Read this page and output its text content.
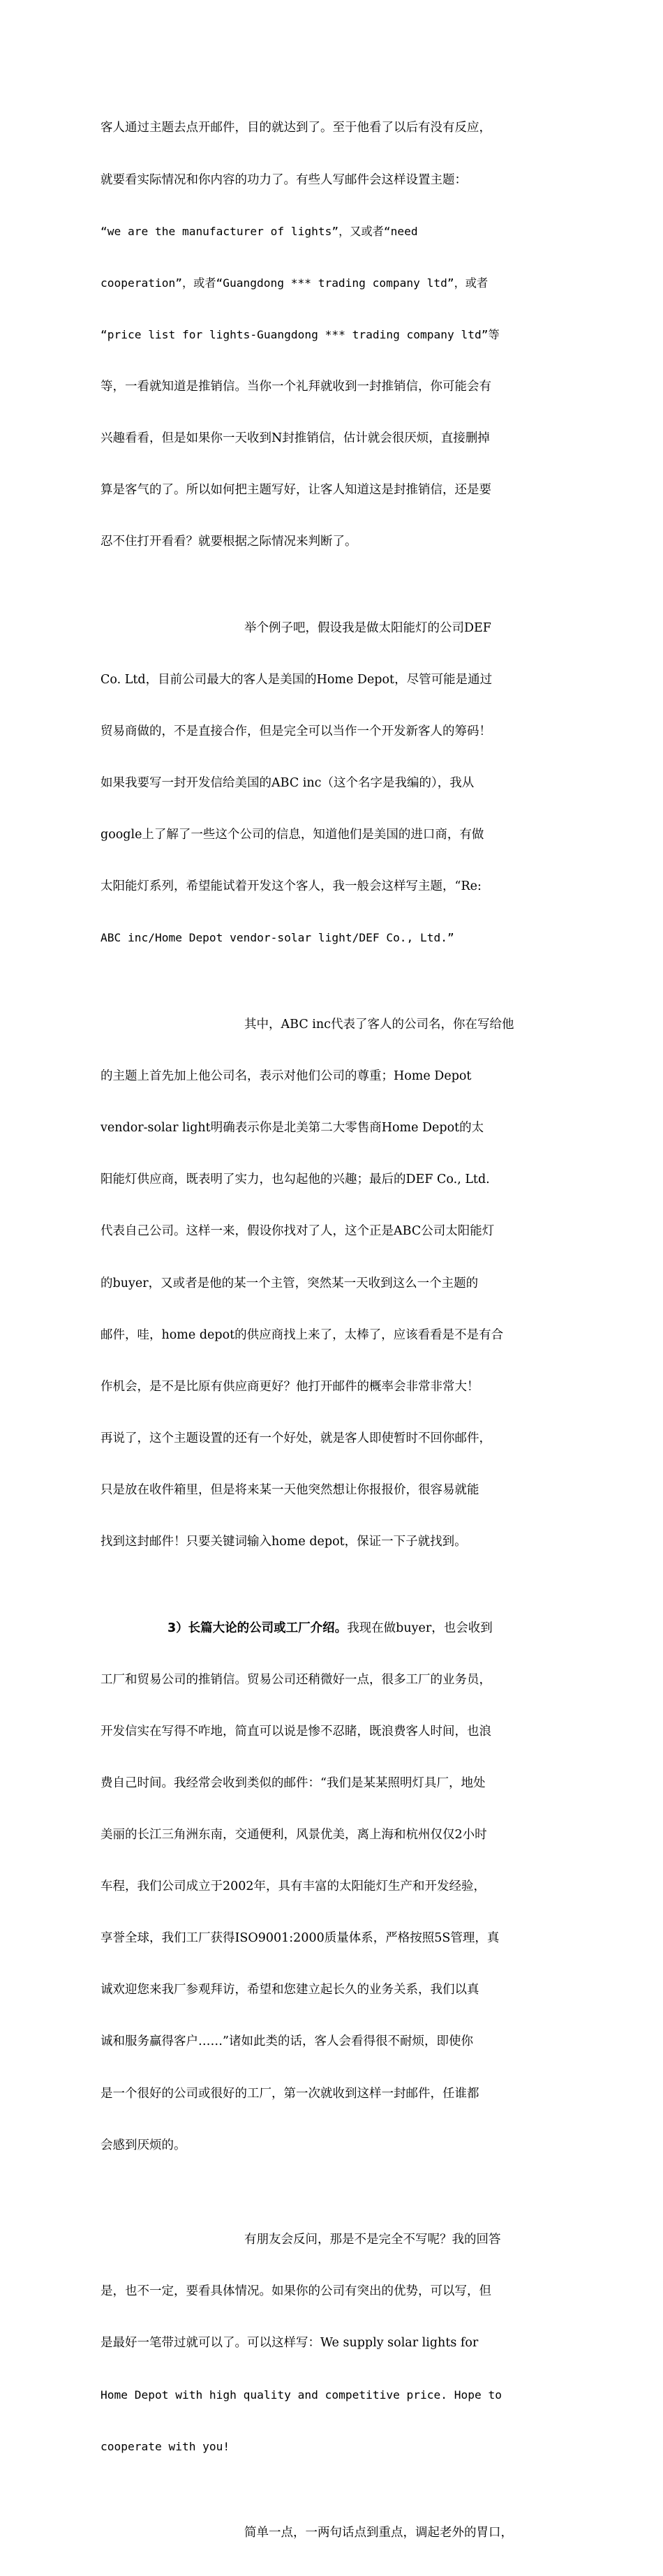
客人通过主题去点开邮件，目的就达到了。至于他看了以后有没有反应，

就要看实际情况和你内容的功力了。有些人写邮件会这样设置主题：

“we are the manufacturer of lights”，又或者“need

cooperation”，或者“Guangdong *** trading company ltd”，或者

“price list for lights-Guangdong *** trading company ltd”等

等，一看就知道是推销信。当你一个礼拜就收到一封推销信，你可能会有

兴趣看看，但是如果你一天收到N封推销信，估计就会很厌烦，直接删掉

算是客气的了。所以如何把主题写好，让客人知道这是封推销信，还是要

忍不住打开看看？就要根据之际情况来判断了。

举个例子吧，假设我是做太阳能灯的公司DEF

Co. Ltd，目前公司最大的客人是美国的Home Depot，尽管可能是通过

贸易商做的，不是直接合作，但是完全可以当作一个开发新客人的筹码！

如果我要写一封开发信给美国的ABC inc（这个名字是我编的），我从

google上了解了一些这个公司的信息，知道他们是美国的进口商，有做

太阳能灯系列，希望能试着开发这个客人，我一般会这样写主题，“Re:

ABC inc/Home Depot vendor-solar light/DEF Co., Ltd.”

其中，ABC inc代表了客人的公司名，你在写给他

的主题上首先加上他公司名，表示对他们公司的尊重；Home Depot

vendor-solar light明确表示你是北美第二大零售商Home Depot的太

阳能灯供应商，既表明了实力，也勾起他的兴趣；最后的DEF Co., Ltd.

代表自己公司。这样一来，假设你找对了人，这个正是ABC公司太阳能灯

的buyer，又或者是他的某一个主管，突然某一天收到这么一个主题的

邮件，哇，home depot的供应商找上来了，太棒了，应该看看是不是有合

作机会，是不是比原有供应商更好？他打开邮件的概率会非常非常大！

再说了，这个主题设置的还有一个好处，就是客人即使暂时不回你邮件，

只是放在收件箱里，但是将来某一天他突然想让你报报价，很容易就能

找到这封邮件！只要关键词输入home depot，保证一下子就找到。

3）长篇大论的公司或工厂介绍。我现在做buyer，也会收到

工厂和贸易公司的推销信。贸易公司还稍微好一点，很多工厂的业务员，

开发信实在写得不咋地，简直可以说是惨不忍睹，既浪费客人时间，也浪

费自己时间。我经常会收到类似的邮件：“我们是某某照明灯具厂，地处

美丽的长江三角洲东南，交通便利，风景优美，离上海和杭州仅仅2小时

车程，我们公司成立于2002年，具有丰富的太阳能灯生产和开发经验，

享誉全球，我们工厂获得ISO9001:2000质量体系，严格按照5S管理，真

诚欢迎您来我厂参观拜访，希望和您建立起长久的业务关系，我们以真

诚和服务赢得客户……”诸如此类的话，客人会看得很不耐烦，即使你

是一个很好的公司或很好的工厂，第一次就收到这样一封邮件，任谁都

会感到厌烦的。

有朋友会反问，那是不是完全不写呢？我的回答

是，也不一定，要看具体情况。如果你的公司有突出的优势，可以写，但

是最好一笔带过就可以了。可以这样写：We supply solar lights for

Home Depot with high quality and competitive price. Hope to

cooperate with you!

简单一点，一两句话点到重点，调起老外的胃口，
